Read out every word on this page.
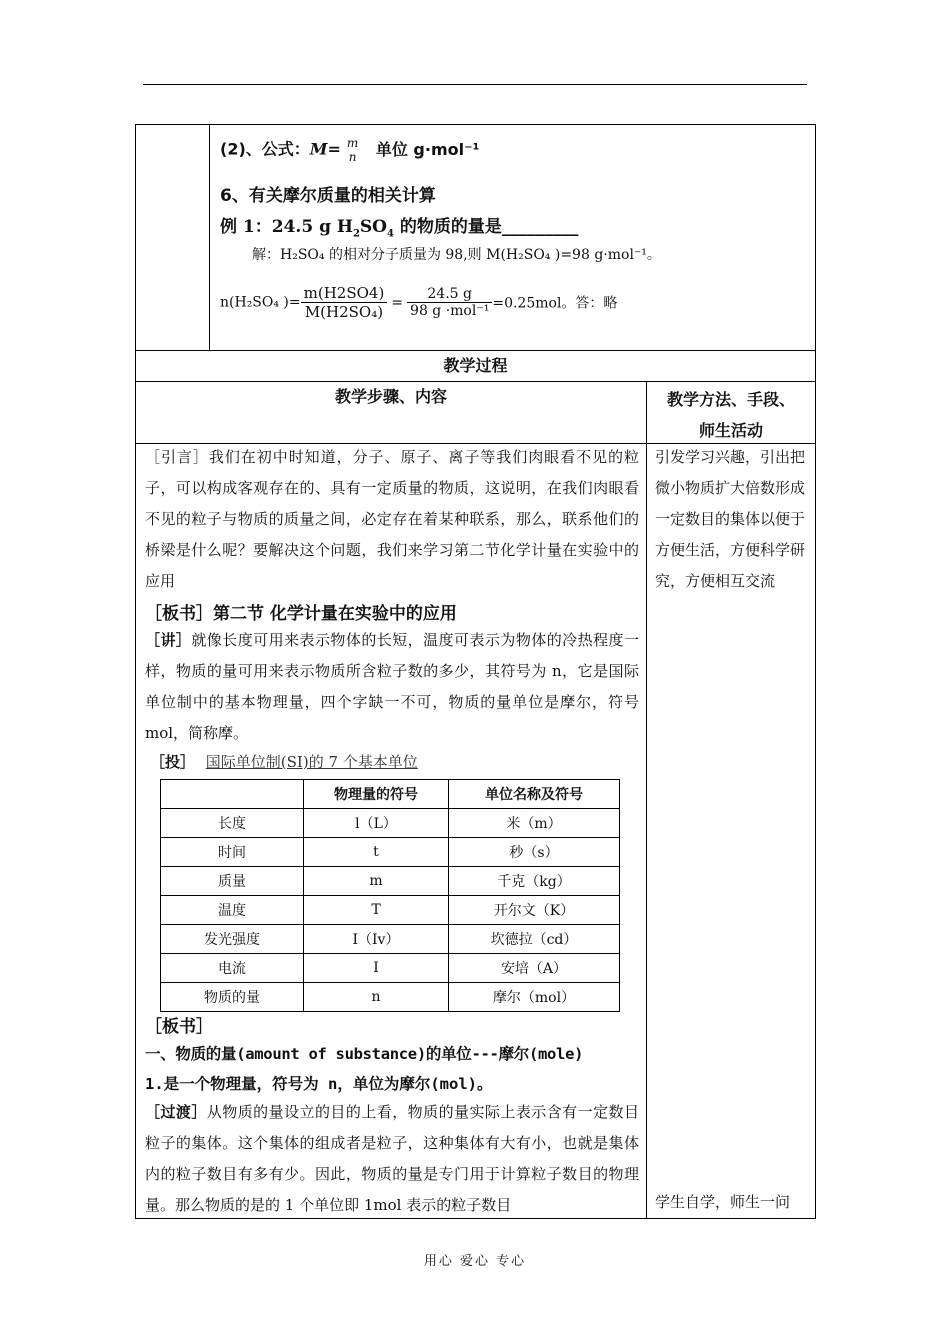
(2)、公式：M= m
n	单位 g·mol⁻¹
6、有关摩尔质量的相关计算
例 1：24.5 g $H_2SO_4$ 的物质的量是_________
解：H₂SO₄ 的相对分子质量为 98,则 M(H₂SO₄ )=98 g·mol⁻¹。
n(H₂SO₄ )= $\frac{m(H2SO4)}{\text{M(H2SO₄)}} = \frac{24.5 g}{\text{98 g ·mol⁻¹}} =0.25mol$。答：略
教学过程
教学步骤、内容	教学方法、手段、
师生活动
［引言］我们在初中时知道，分子、原子、离子等我们肉眼看不见的粒子，可以构成客观存在的、具有一定质量的物质，这说明，在我们肉眼看不见的粒子与物质的质量之间，必定存在着某种联系，那么，联系他们的桥梁是什么呢？要解决这个问题，我们来学习第二节化学计量在实验中的应用
［板书］第二节 化学计量在实验中的应用
［讲］就像长度可用来表示物体的长短，温度可表示为物体的冷热程度一样，物质的量可用来表示物质所含粒子数的多少，其符号为 n，它是国际单位制中的基本物理量，四个字缺一不可，物质的量单位是摩尔，符号 mol，简称摩。
［投］ 国际单位制(SI)的 7 个基本单位
	物理量的符号	单位名称及符号
长度	l（L）	米（m）
时间	t	秒（s）
质量	m	千克（kg）
温度	T	开尔文（K）
发光强度	I（Iv）	坎德拉（cd）
电流	I	安培（A）
物质的量	n	摩尔（mol）
［板书］
一、物质的量(amount of substance)的单位---摩尔(mole)
1.是一个物理量，符号为 n，单位为摩尔(mol)。
［过渡］从物质的量设立的目的上看，物质的量实际上表示含有一定数目粒子的集体。这个集体的组成者是粒子，这种集体有大有小，也就是集体内的粒子数目有多有少。因此，物质的量是专门用于计算粒子数目的物理量。那么物质的是的 1 个单位即 1mol 表示的粒子数目
引发学习兴趣，引出把微小物质扩大倍数形成一定数目的集体以便于方便生活，方便科学研究，方便相互交流
学生自学，师生一问
用心 爱心 专心
